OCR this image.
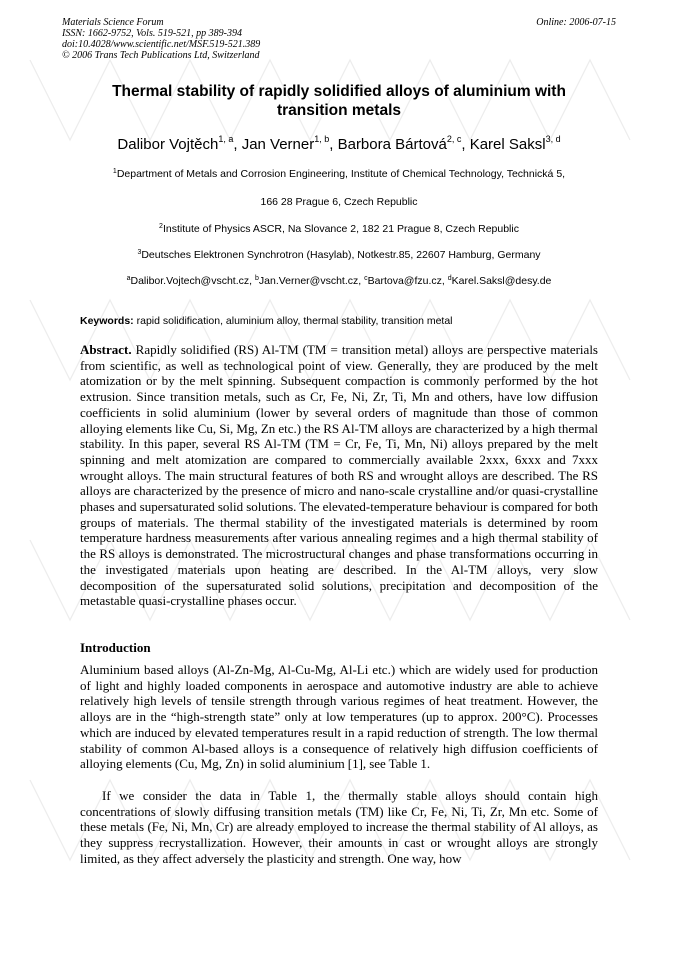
Materials Science Forum
ISSN: 1662-9752, Vols. 519-521, pp 389-394
doi:10.4028/www.scientific.net/MSF.519-521.389
© 2006 Trans Tech Publications Ltd, Switzerland
Online: 2006-07-15
Thermal stability of rapidly solidified alloys of aluminium with transition metals
Dalibor Vojtěch$^{1, a}$, Jan Verner$^{1, b}$, Barbora Bártová$^{2, c}$, Karel Saksl$^{3, d}$
$^1$Department of Metals and Corrosion Engineering, Institute of Chemical Technology, Technická 5,
166 28 Prague 6, Czech Republic
$^2$Institute of Physics ASCR, Na Slovance 2, 182 21 Prague 8, Czech Republic
$^3$Deutsches Elektronen Synchrotron (Hasylab), Notkestr.85, 22607 Hamburg, Germany
$^a$Dalibor.Vojtech@vscht.cz, $^b$Jan.Verner@vscht.cz, $^c$Bartova@fzu.cz, $^d$Karel.Saksl@desy.de
Keywords: rapid solidification, aluminium alloy, thermal stability, transition metal
Abstract. Rapidly solidified (RS) Al-TM (TM = transition metal) alloys are perspective materials from scientific, as well as technological point of view. Generally, they are produced by the melt atomization or by the melt spinning. Subsequent compaction is commonly performed by the hot extrusion. Since transition metals, such as Cr, Fe, Ni, Zr, Ti, Mn and others, have low diffusion coefficients in solid aluminium (lower by several orders of magnitude than those of common alloying elements like Cu, Si, Mg, Zn etc.) the RS Al-TM alloys are characterized by a high thermal stability. In this paper, several RS Al-TM (TM = Cr, Fe, Ti, Mn, Ni) alloys prepared by the melt spinning and melt atomization are compared to commercially available 2xxx, 6xxx and 7xxx wrought alloys. The main structural features of both RS and wrought alloys are described. The RS alloys are characterized by the presence of micro and nano-scale crystalline and/or quasi-crystalline phases and supersaturated solid solutions. The elevated-temperature behaviour is compared for both groups of materials. The thermal stability of the investigated materials is determined by room temperature hardness measurements after various annealing regimes and a high thermal stability of the RS alloys is demonstrated. The microstructural changes and phase transformations occurring in the investigated materials upon heating are described. In the Al-TM alloys, very slow decomposition of the supersaturated solid solutions, precipitation and decomposition of the metastable quasi-crystalline phases occur.
Introduction
Aluminium based alloys (Al-Zn-Mg, Al-Cu-Mg, Al-Li etc.) which are widely used for production of light and highly loaded components in aerospace and automotive industry are able to achieve relatively high levels of tensile strength through various regimes of heat treatment. However, the alloys are in the “high-strength state” only at low temperatures (up to approx. 200°C). Processes which are induced by elevated temperatures result in a rapid reduction of strength. The low thermal stability of common Al-based alloys is a consequence of relatively high diffusion coefficients of alloying elements (Cu, Mg, Zn) in solid aluminium [1], see Table 1.
If we consider the data in Table 1, the thermally stable alloys should contain high concentrations of slowly diffusing transition metals (TM) like Cr, Fe, Ni, Ti, Zr, Mn etc. Some of these metals (Fe, Ni, Mn, Cr) are already employed to increase the thermal stability of Al alloys, as they suppress recrystallization. However, their amounts in cast or wrought alloys are strongly limited, as they affect adversely the plasticity and strength. One way, how
